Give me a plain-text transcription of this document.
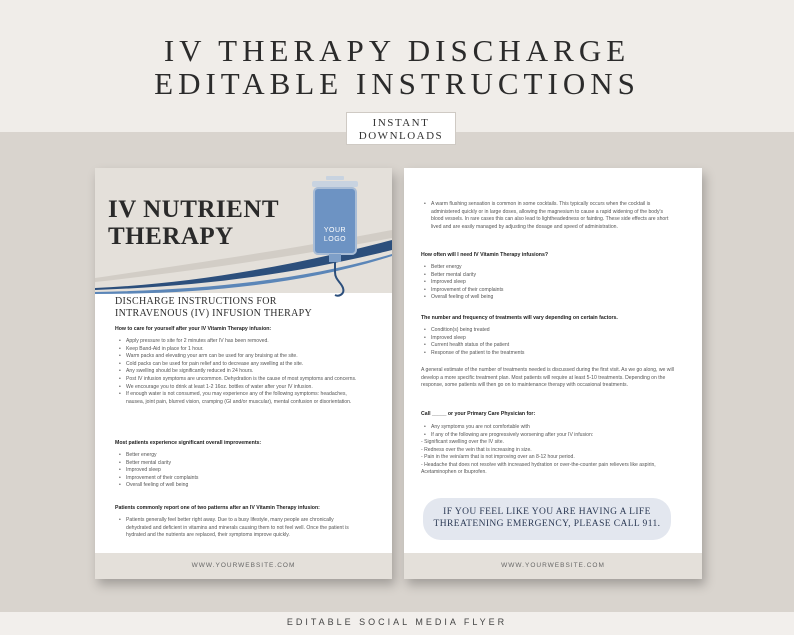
IV THERAPY DISCHARGE
EDITABLE INSTRUCTIONS
INSTANT
DOWNLOADS
IV NUTRIENT
THERAPY	YOUR
LOGO
DISCHARGE INSTRUCTIONS FOR
INTRAVENOUS (IV) INFUSION THERAPY
How to care for yourself after your IV Vitamin Therapy infusion:
• Apply pressure to site for 2 minutes after IV has been removed.
• Keep Band-Aid in place for 1 hour.
• Warm packs and elevating your arm can be used for any bruising at the site.
• Cold packs can be used for pain relief and to decrease any swelling at the site.
• Any swelling should be significantly reduced in 24 hours.
• Post IV infusion symptoms are uncommon. Dehydration is the cause of most symptoms and concerns.
• We encourage you to drink at least 1-2 16oz. bottles of water after your IV infusion.
• If enough water is not consumed, you may experience any of the following symptoms: headaches, nausea, joint pain, blurred vision, cramping (GI and/or muscular), mental confusion or disorientation.
Most patients experience significant overall improvements:
• Better energy
• Better mental clarity
• Improved sleep
• Improvement of their complaints
• Overall feeling of well being
Patients commonly report one of two patterns after an IV Vitamin Therapy infusion:
• Patients generally feel better right away. Due to a busy lifestyle, many people are chronically dehydrated and deficient in vitamins and minerals causing them to not feel well. Once the patient is hydrated and the nutrients are replaced, their symptoms improve quickly.
WWW.YOURWEBSITE.COM
• A warm flushing sensation is common in some cocktails. This typically occurs when the cocktail is administered quickly or in large doses, allowing the magnesium to cause a rapid widening of the body's blood vessels. In rare cases this can also lead to lightheadedness or fainting. These side effects are short lived and are easily managed by adjusting the dosage and speed of administration.
How often will I need IV Vitamin Therapy infusions?
• Better energy
• Better mental clarity
• Improved sleep
• Improvement of their complaints
• Overall feeling of well being
The number and frequency of treatments will vary depending on certain factors.
• Condition(s) being treated
• Improved sleep
• Current health status of the patient
• Response of the patient to the treatments
A general estimate of the number of treatments needed is discussed during the first visit. As we go along, we will develop a more specific treatment plan. Most patients will require at least 5-10 treatments. Depending on the response, some patients will then go on to maintenance therapy with occasional treatments.
Call _____ or your Primary Care Physician for:
• Any symptoms you are not comfortable with
• If any of the following are progressively worsening after your IV infusion:
- Significant swelling over the IV site.
- Redness over the vein that is increasing in size.
- Pain in the vein/arm that is not improving over an 8-12 hour period.
- Headache that does not resolve with increased hydration or over-the-counter pain relievers like aspirin, Acetaminophen or Ibuprofen.
IF YOU FEEL LIKE YOU ARE HAVING A LIFE
THREATENING EMERGENCY, PLEASE CALL 911.
WWW.YOURWEBSITE.COM
EDITABLE SOCIAL MEDIA FLYER
